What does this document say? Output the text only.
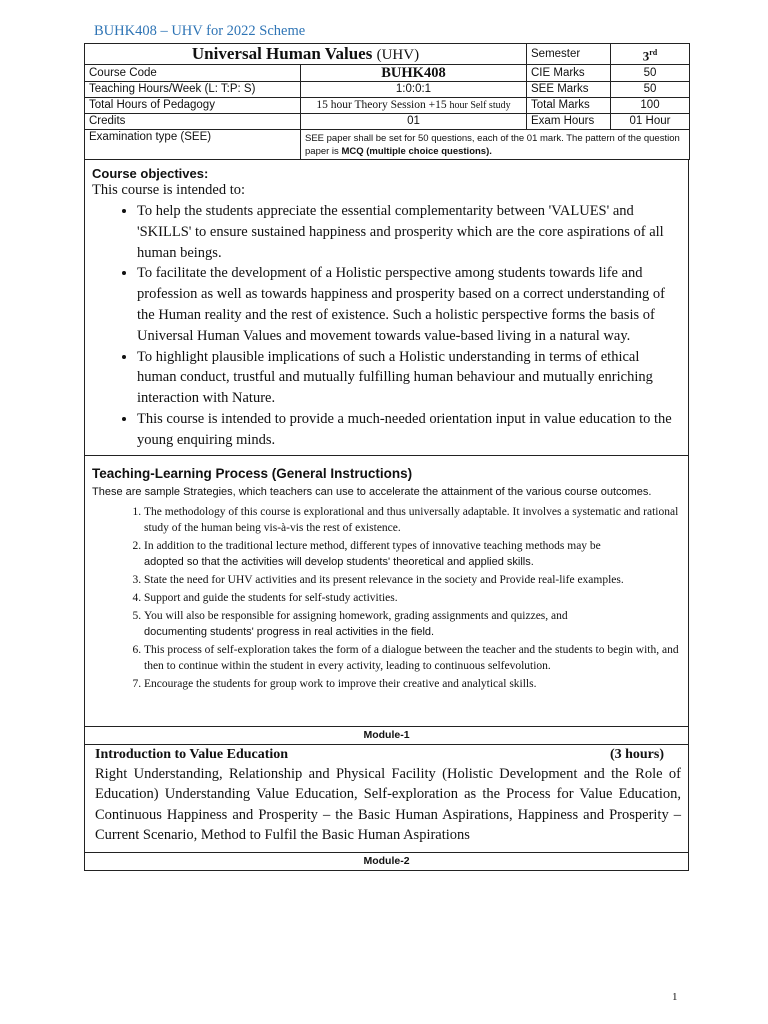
BUHK408 – UHV for 2022 Scheme
Universal Human Values (UHV)		Semester	3rd
Course Code	BUHK408	CIE Marks	50
Teaching Hours/Week (L: T:P: S)	1:0:0:1	SEE Marks	50
Total Hours of Pedagogy	15 hour Theory Session +15 hour Self study	Total Marks	100
Credits	01	Exam Hours	01 Hour
Examination type (SEE)	SEE paper shall be set for 50 questions, each of the 01 mark. The pattern of the question paper is MCQ (multiple choice questions).		
Course objectives:

This course is intended to:

• To help the students appreciate the essential complementarity between 'VALUES' and 'SKILLS' to ensure sustained happiness and prosperity which are the core aspirations of all human beings.
• To facilitate the development of a Holistic perspective among students towards life and profession as well as towards happiness and prosperity based on a correct understanding of the Human reality and the rest of existence. Such a holistic perspective forms the basis of Universal Human Values and movement towards value-based living in a natural way.
• To highlight plausible implications of such a Holistic understanding in terms of ethical human conduct, trustful and mutually fulfilling human behaviour and mutually enriching interaction with Nature.
• This course is intended to provide a much-needed orientation input in value education to the young enquiring minds.
Teaching-Learning Process (General Instructions)
These are sample Strategies, which teachers can use to accelerate the attainment of the various course outcomes.
1. The methodology of this course is explorational and thus universally adaptable. It involves a systematic and rational study of the human being vis-à-vis the rest of existence.
2. In addition to the traditional lecture method, different types of innovative teaching methods may be
adopted so that the activities will develop students' theoretical and applied skills.
3. State the need for UHV activities and its present relevance in the society and Provide real-life examples.
4. Support and guide the students for self-study activities.
5. You will also be responsible for assigning homework, grading assignments and quizzes, and
documenting students' progress in real activities in the field.
6. This process of self-exploration takes the form of a dialogue between the teacher and the students to begin with, and then to continue within the student in every activity, leading to continuous selfevolution.
7. Encourage the students for group work to improve their creative and analytical skills.
Module-1
Introduction to Value Education	(3 hours)

Right Understanding, Relationship and Physical Facility (Holistic Development and the Role of Education) Understanding Value Education, Self-exploration as the Process for Value Education, Continuous Happiness and Prosperity – the Basic Human Aspirations, Happiness and Prosperity – Current Scenario, Method to Fulfil the Basic Human Aspirations

Module-2
1
